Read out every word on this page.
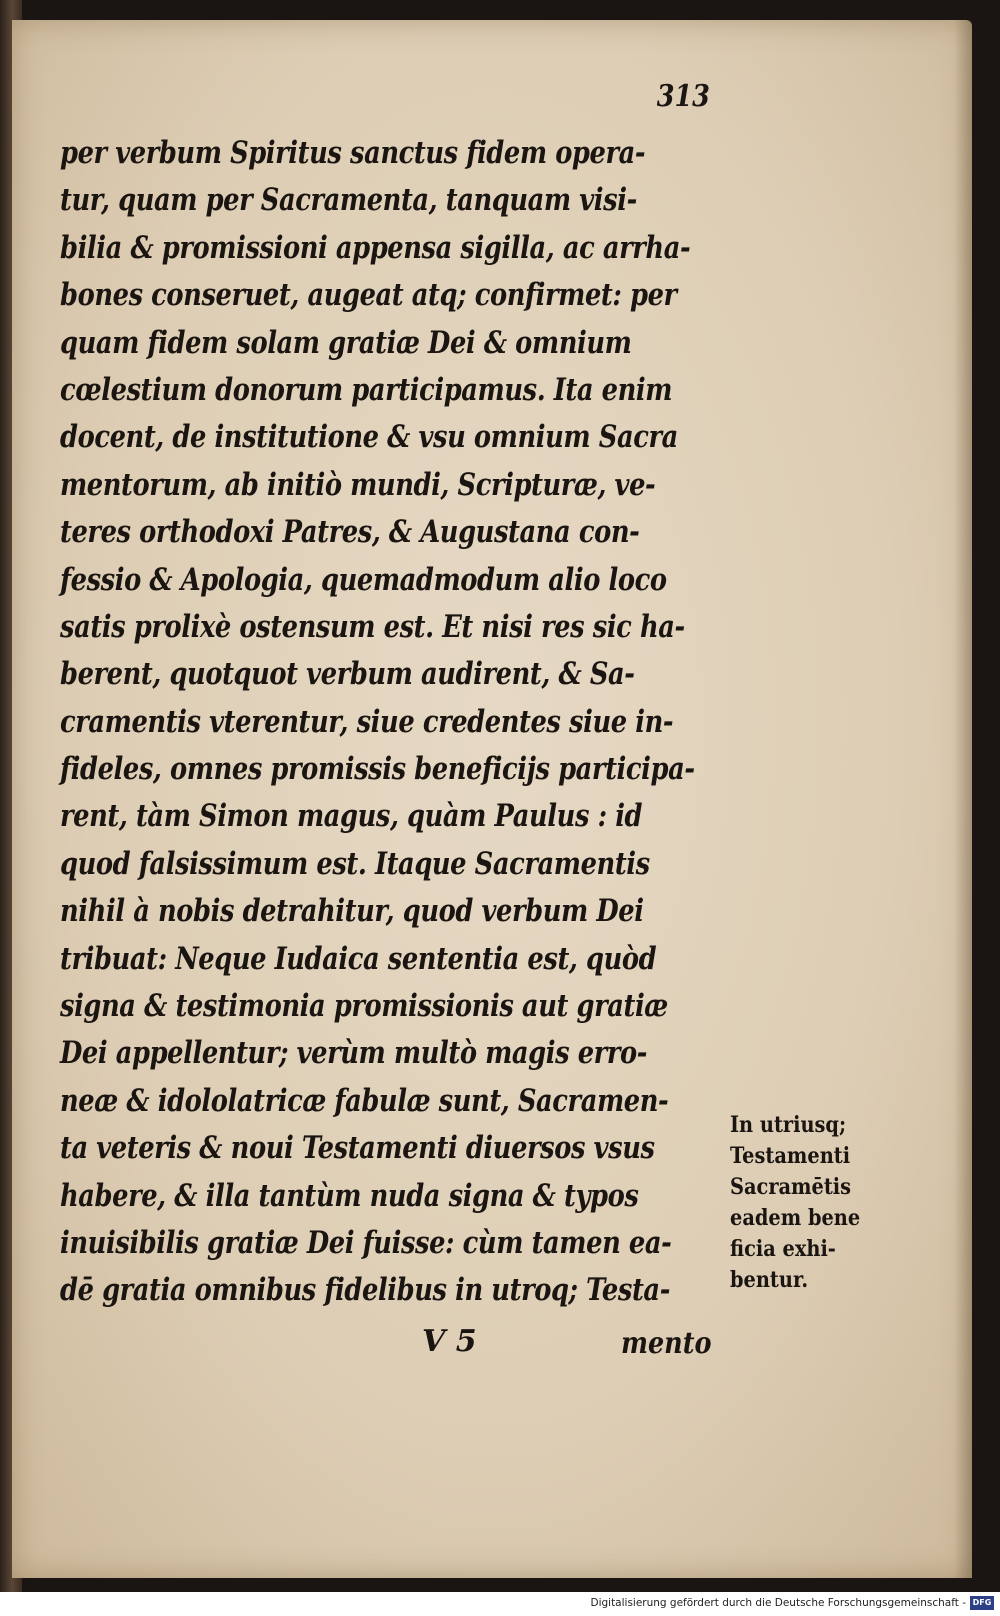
313
per verbum Spiritus sanctus fidem opera-
tur, quam per Sacramenta, tanquam visi-
bilia & promissioni appensa sigilla, ac arrha-
bones conseruet, augeat atq; confirmet: per
quam fidem solam gratiæ Dei & omnium
cœlestium donorum participamus. Ita enim
docent, de institutione & vsu omnium Sacra
mentorum, ab initiò mundi, Scripturæ, ve-
teres orthodoxi Patres, & Augustana con-
fessio & Apologia, quemadmodum alio loco
satis prolixè ostensum est. Et nisi res sic ha-
berent, quotquot verbum audirent, & Sa-
cramentis vterentur, siue credentes siue in-
fideles, omnes promissis beneficijs participa-
rent, tàm Simon magus, quàm Paulus : id
quod falsissimum est. Itaque Sacramentis
nihil à nobis detrahitur, quod verbum Dei
tribuat: Neque Iudaica sententia est, quòd
signa & testimonia promissionis aut gratiæ
Dei appellentur; verùm multò magis erro-
neæ & idololatricæ fabulæ sunt, Sacramen-
ta veteris & noui Testamenti diuersos vsus
habere, & illa tantùm nuda signa & typos
inuisibilis gratiæ Dei fuisse: cùm tamen ea-
dē gratia omnibus fidelibus in utroq; Testa-
V 5	mento
In utriusq;
Testamenti
Sacramētis
eadem bene
ficia exhi-
bentur.
Digitalisierung gefördert durch die Deutsche Forschungsgemeinschaft - DFG
